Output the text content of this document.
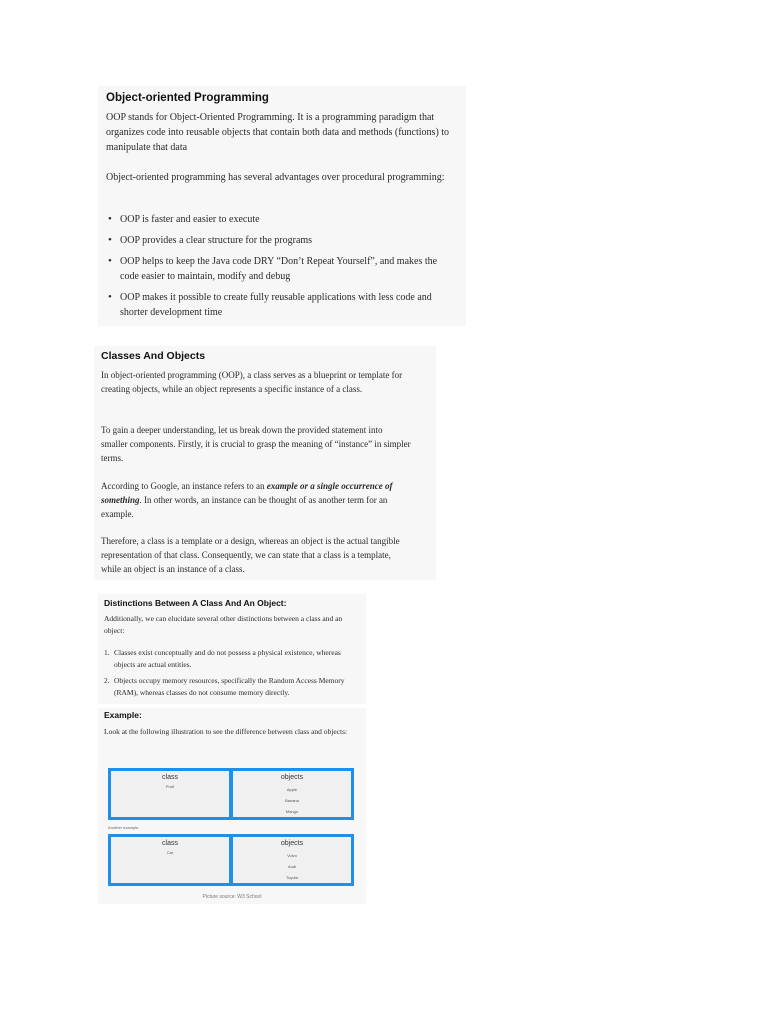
Object-oriented Programming

OOP stands for Object-Oriented Programming. It is a programming paradigm that organizes code into reusable objects that contain both data and methods (functions) to manipulate that data

Object-oriented programming has several advantages over procedural programming:

• OOP is faster and easier to execute
• OOP provides a clear structure for the programs
• OOP helps to keep the Java code DRY “Don’t Repeat Yourself”, and makes the code easier to maintain, modify and debug
• OOP makes it possible to create fully reusable applications with less code and shorter development time
Classes And Objects

In object-oriented programming (OOP), a class serves as a blueprint or template for creating objects, while an object represents a specific instance of a class.

To gain a deeper understanding, let us break down the provided statement into smaller components. Firstly, it is crucial to grasp the meaning of “instance” in simpler terms.

According to Google, an instance refers to an example or a single occurrence of something. In other words, an instance can be thought of as another term for an example.

Therefore, a class is a template or a design, whereas an object is the actual tangible representation of that class. Consequently, we can state that a class is a template, while an object is an instance of a class.

Distinctions Between A Class And An Object:

Additionally, we can elucidate several other distinctions between a class and an object:

1. Classes exist conceptually and do not possess a physical existence, whereas objects are actual entities.
2. Objects occupy memory resources, specifically the Random Access Memory (RAM), whereas classes do not consume memory directly.
Example:

Look at the following illustration to see the difference between class and objects:

class
Fruit
objects
Apple
Banana
Mango
Another example:
class
Car
objects
Volvo
Audi
Toyota
Picture source: W3 School
